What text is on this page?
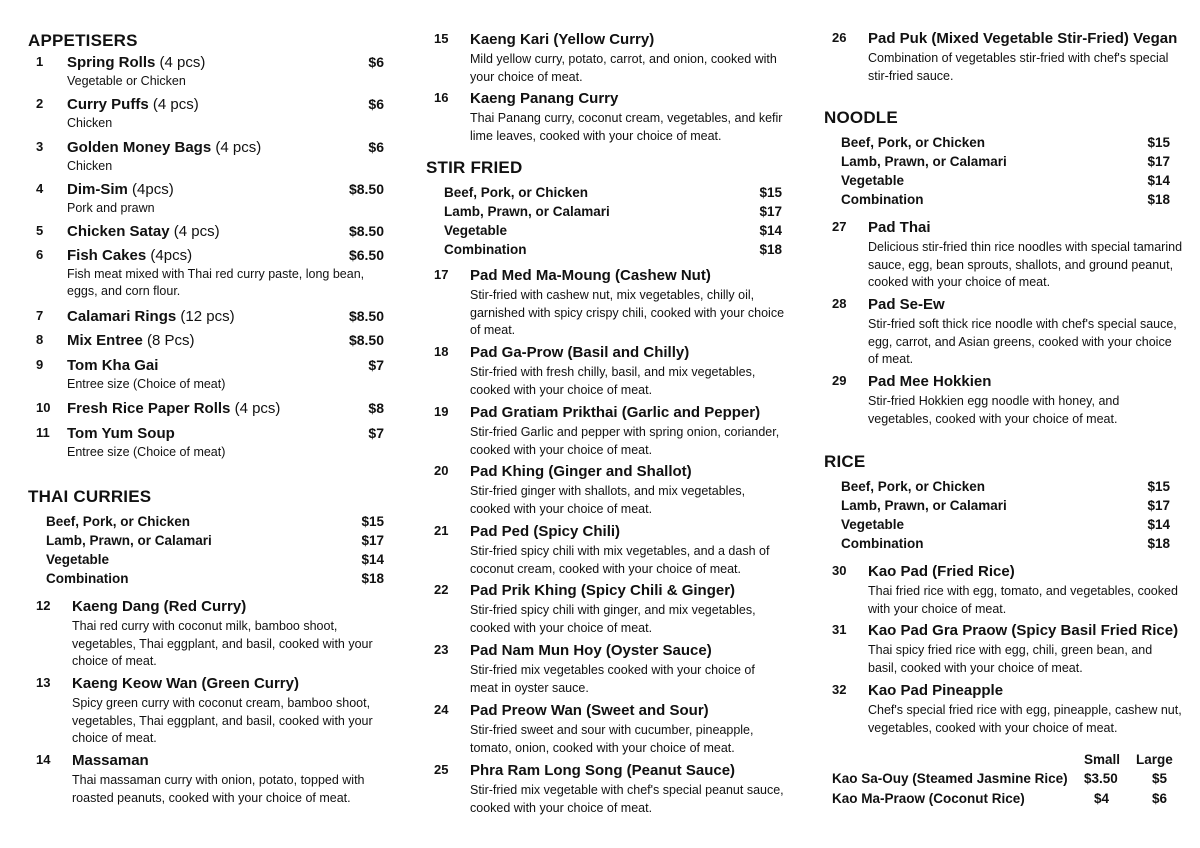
APPETISERS
1 Spring Rolls (4 pcs)	$6
Vegetable or Chicken
2 Curry Puffs (4 pcs)	$6
Chicken
3 Golden Money Bags (4 pcs)	$6
Chicken
4 Dim-Sim (4pcs)	$8.50
Pork and prawn
5 Chicken Satay (4 pcs)	$8.50
6 Fish Cakes (4pcs)	$6.50
Fish meat mixed with Thai red curry paste, long bean, eggs, and corn flour.
7 Calamari Rings (12 pcs)	$8.50
8 Mix Entree (8 Pcs)	$8.50
9 Tom Kha Gai	$7
Entree size (Choice of meat)
10 Fresh Rice Paper Rolls (4 pcs)	$8
11 Tom Yum Soup	$7
Entree size (Choice of meat)
THAI CURRIES
Beef, Pork, or Chicken	$15
Lamb, Prawn, or Calamari	$17
Vegetable	$14
Combination	$18
12 Kaeng Dang (Red Curry)
Thai red curry with coconut milk, bamboo shoot, vegetables, Thai eggplant, and basil, cooked with your choice of meat.
13 Kaeng Keow Wan (Green Curry)
Spicy green curry with coconut cream, bamboo shoot, vegetables, Thai eggplant, and basil, cooked with your choice of meat.
14 Massaman
Thai massaman curry with onion, potato, topped with roasted peanuts, cooked with your choice of meat.
15 Kaeng Kari (Yellow Curry)
Mild yellow curry, potato, carrot, and onion, cooked with your choice of meat.
16 Kaeng Panang Curry
Thai Panang curry, coconut cream, vegetables, and kefir lime leaves, cooked with your choice of meat.
STIR FRIED
Beef, Pork, or Chicken	$15
Lamb, Prawn, or Calamari	$17
Vegetable	$14
Combination	$18
17 Pad Med Ma-Moung (Cashew Nut)
Stir-fried with cashew nut, mix vegetables, chilly oil, garnished with spicy crispy chili, cooked with your choice of meat.
18 Pad Ga-Prow (Basil and Chilly)
Stir-fried with fresh chilly, basil, and mix vegetables, cooked with your choice of meat.
19 Pad Gratiam Prikthai (Garlic and Pepper)
Stir-fried Garlic and pepper with spring onion, coriander, cooked with your choice of meat.
20 Pad Khing (Ginger and Shallot)
Stir-fried ginger with shallots, and mix vegetables, cooked with your choice of meat.
21 Pad Ped (Spicy Chili)
Stir-fried spicy chili with mix vegetables, and a dash of coconut cream, cooked with your choice of meat.
22 Pad Prik Khing (Spicy Chili & Ginger)
Stir-fried spicy chili with ginger, and mix vegetables, cooked with your choice of meat.
23 Pad Nam Mun Hoy (Oyster Sauce)
Stir-fried mix vegetables cooked with your choice of meat in oyster sauce.
24 Pad Preow Wan (Sweet and Sour)
Stir-fried sweet and sour with cucumber, pineapple, tomato, onion, cooked with your choice of meat.
25 Phra Ram Long Song (Peanut Sauce)
Stir-fried mix vegetable with chef's special peanut sauce, cooked with your choice of meat.
26 Pad Puk (Mixed Vegetable Stir-Fried) Vegan
Combination of vegetables stir-fried with chef's special stir-fried sauce.
NOODLE
Beef, Pork, or Chicken	$15
Lamb, Prawn, or Calamari	$17
Vegetable	$14
Combination	$18
27 Pad Thai
Delicious stir-fried thin rice noodles with special tamarind sauce, egg, bean sprouts, shallots, and ground peanut, cooked with your choice of meat.
28 Pad Se-Ew
Stir-fried soft thick rice noodle with chef's special sauce, egg, carrot, and Asian greens, cooked with your choice of meat.
29 Pad Mee Hokkien
Stir-fried Hokkien egg noodle with honey, and vegetables, cooked with your choice of meat.
RICE
Beef, Pork, or Chicken	$15
Lamb, Prawn, or Calamari	$17
Vegetable	$14
Combination	$18
30 Kao Pad (Fried Rice)
Thai fried rice with egg, tomato, and vegetables, cooked with your choice of meat.
31 Kao Pad Gra Praow (Spicy Basil Fried Rice)
Thai spicy fried rice with egg, chili, green bean, and basil, cooked with your choice of meat.
32 Kao Pad Pineapple
Chef's special fried rice with egg, pineapple, cashew nut, vegetables, cooked with your choice of meat.
Small Large
Kao Sa-Ouy (Steamed Jasmine Rice) $3.50	$5
Kao Ma-Praow (Coconut Rice)	$4	$6
